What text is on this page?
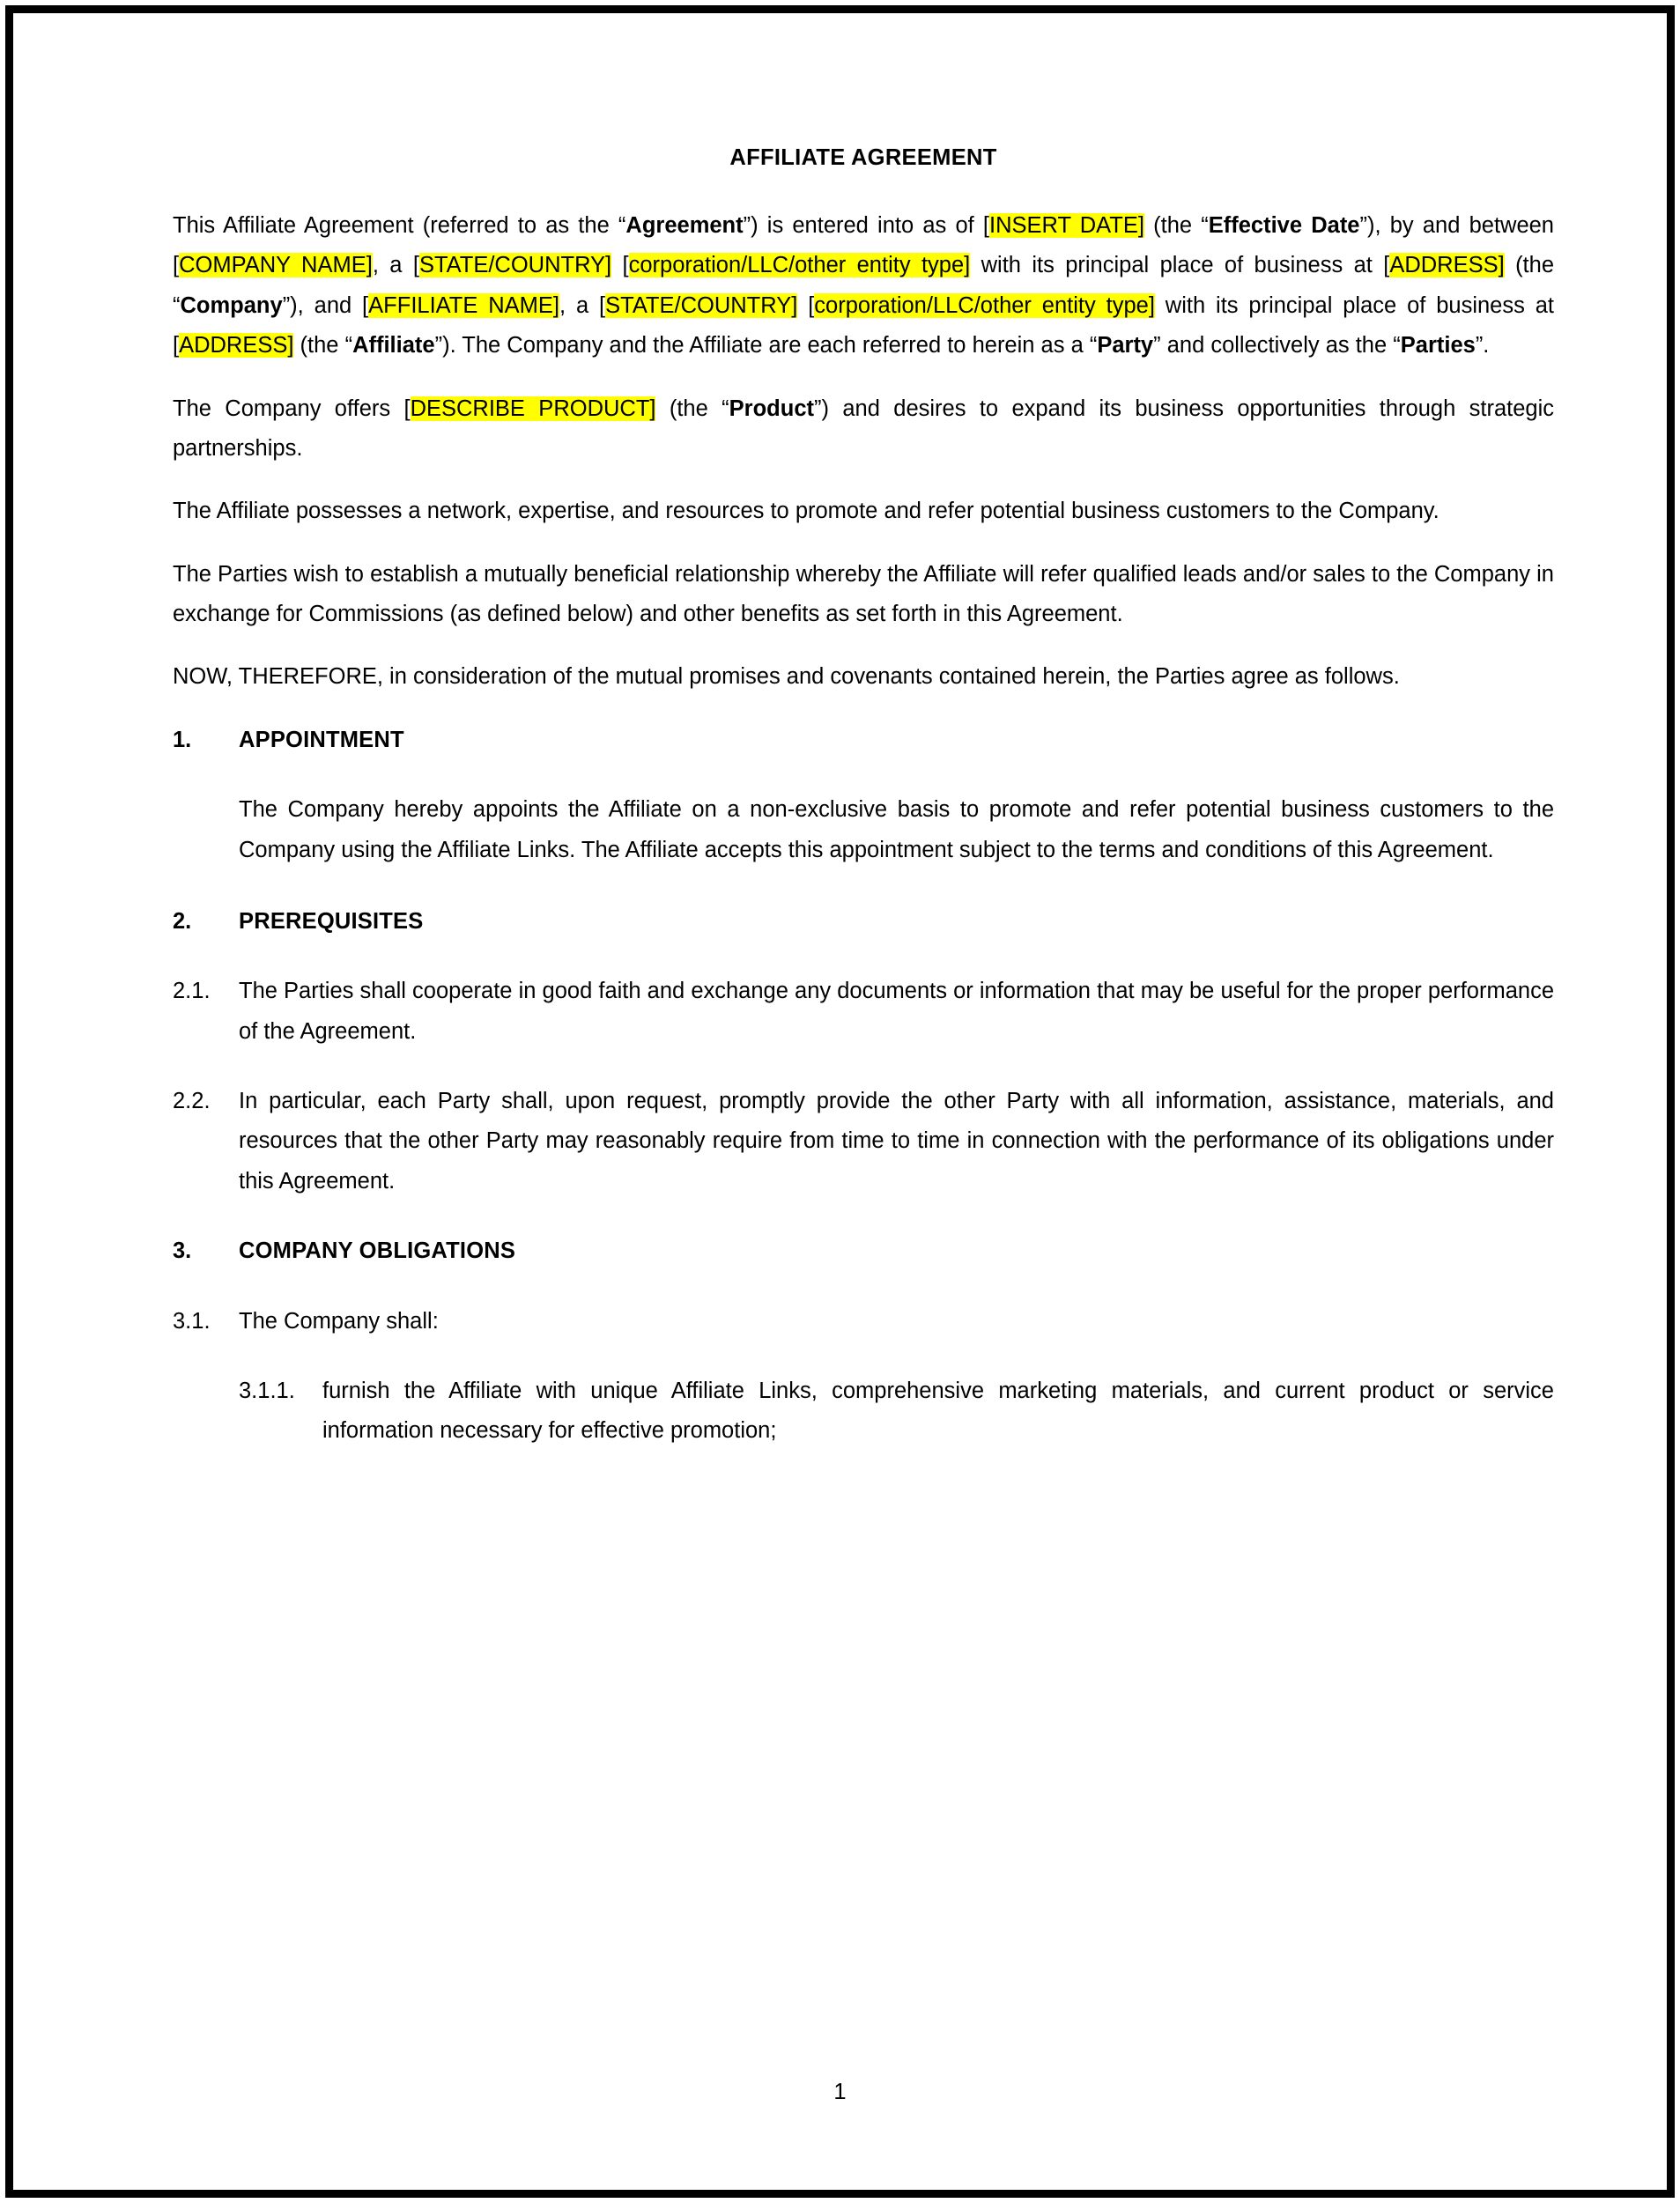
AFFILIATE AGREEMENT

This Affiliate Agreement (referred to as the “Agreement”) is entered into as of [INSERT DATE] (the “Effective Date”), by and between [COMPANY NAME], a [STATE/COUNTRY] [corporation/LLC/other entity type] with its principal place of business at [ADDRESS] (the “Company”), and [AFFILIATE NAME], a [STATE/COUNTRY] [corporation/LLC/other entity type] with its principal place of business at [ADDRESS] (the “Affiliate”). The Company and the Affiliate are each referred to herein as a “Party” and collectively as the “Parties”.

The Company offers [DESCRIBE PRODUCT] (the “Product”) and desires to expand its business opportunities through strategic partnerships.

The Affiliate possesses a network, expertise, and resources to promote and refer potential business customers to the Company.

The Parties wish to establish a mutually beneficial relationship whereby the Affiliate will refer qualified leads and/or sales to the Company in exchange for Commissions (as defined below) and other benefits as set forth in this Agreement.

NOW, THEREFORE, in consideration of the mutual promises and covenants contained herein, the Parties agree as follows.

1.	APPOINTMENT

The Company hereby appoints the Affiliate on a non-exclusive basis to promote and refer potential business customers to the Company using the Affiliate Links. The Affiliate accepts this appointment subject to the terms and conditions of this Agreement.

2.	PREREQUISITES
2.1.	The Parties shall cooperate in good faith and exchange any documents or information that may be useful for the proper performance of the Agreement.
2.2.	In particular, each Party shall, upon request, promptly provide the other Party with all information, assistance, materials, and resources that the other Party may reasonably require from time to time in connection with the performance of its obligations under this Agreement.
3.	COMPANY OBLIGATIONS
3.1.	The Company shall:
3.1.1.	furnish the Affiliate with unique Affiliate Links, comprehensive marketing materials, and current product or service information necessary for effective promotion;
1
